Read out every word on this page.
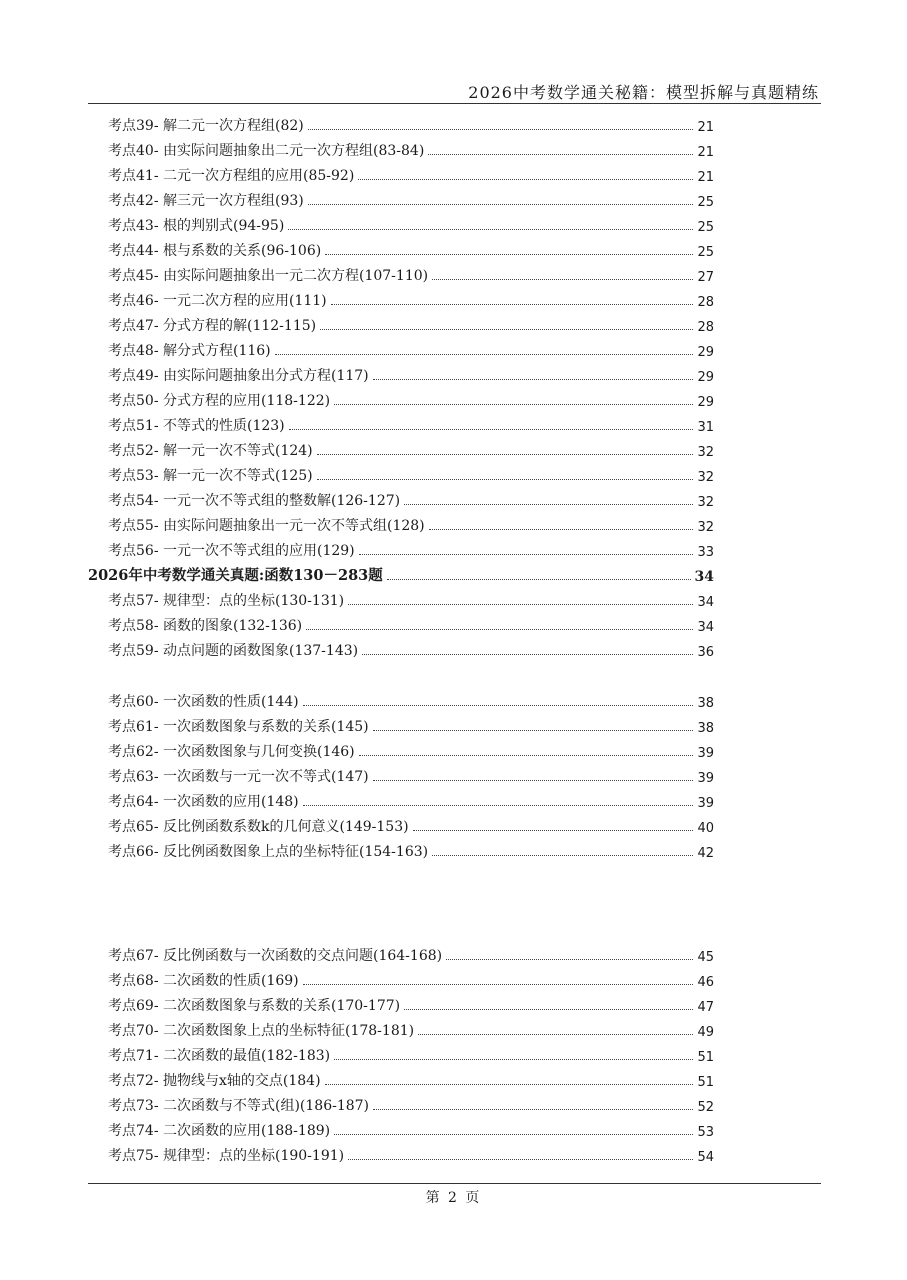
2026中考数学通关秘籍：模型拆解与真题精练
考点39- 解二元一次方程组(82)	21
考点40- 由实际问题抽象出二元一次方程组(83-84)	21
考点41- 二元一次方程组的应用(85-92)	21
考点42- 解三元一次方程组(93)	25
考点43- 根的判别式(94-95)	25
考点44- 根与系数的关系(96-106)	25
考点45- 由实际问题抽象出一元二次方程(107-110)	27
考点46- 一元二次方程的应用(111)	28
考点47- 分式方程的解(112-115)	28
考点48- 解分式方程(116)	29
考点49- 由实际问题抽象出分式方程(117)	29
考点50- 分式方程的应用(118-122)	29
考点51- 不等式的性质(123)	31
考点52- 解一元一次不等式(124)	32
考点53- 解一元一次不等式(125)	32
考点54- 一元一次不等式组的整数解(126-127)	32
考点55- 由实际问题抽象出一元一次不等式组(128)	32
考点56- 一元一次不等式组的应用(129)	33
2026年中考数学通关真题:函数130－283题	34
考点57- 规律型：点的坐标(130-131)	34
考点58- 函数的图象(132-136)	34
考点59- 动点问题的函数图象(137-143)	36
考点60- 一次函数的性质(144)	38
考点61- 一次函数图象与系数的关系(145)	38
考点62- 一次函数图象与几何变换(146)	39
考点63- 一次函数与一元一次不等式(147)	39
考点64- 一次函数的应用(148)	39
考点65- 反比例函数系数k的几何意义(149-153)	40
考点66- 反比例函数图象上点的坐标特征(154-163)	42
考点67- 反比例函数与一次函数的交点问题(164-168)	45
考点68- 二次函数的性质(169)	46
考点69- 二次函数图象与系数的关系(170-177)	47
考点70- 二次函数图象上点的坐标特征(178-181)	49
考点71- 二次函数的最值(182-183)	51
考点72- 抛物线与x轴的交点(184)	51
考点73- 二次函数与不等式(组)(186-187)	52
考点74- 二次函数的应用(188-189)	53
考点75- 规律型：点的坐标(190-191)	54
第 2 页
